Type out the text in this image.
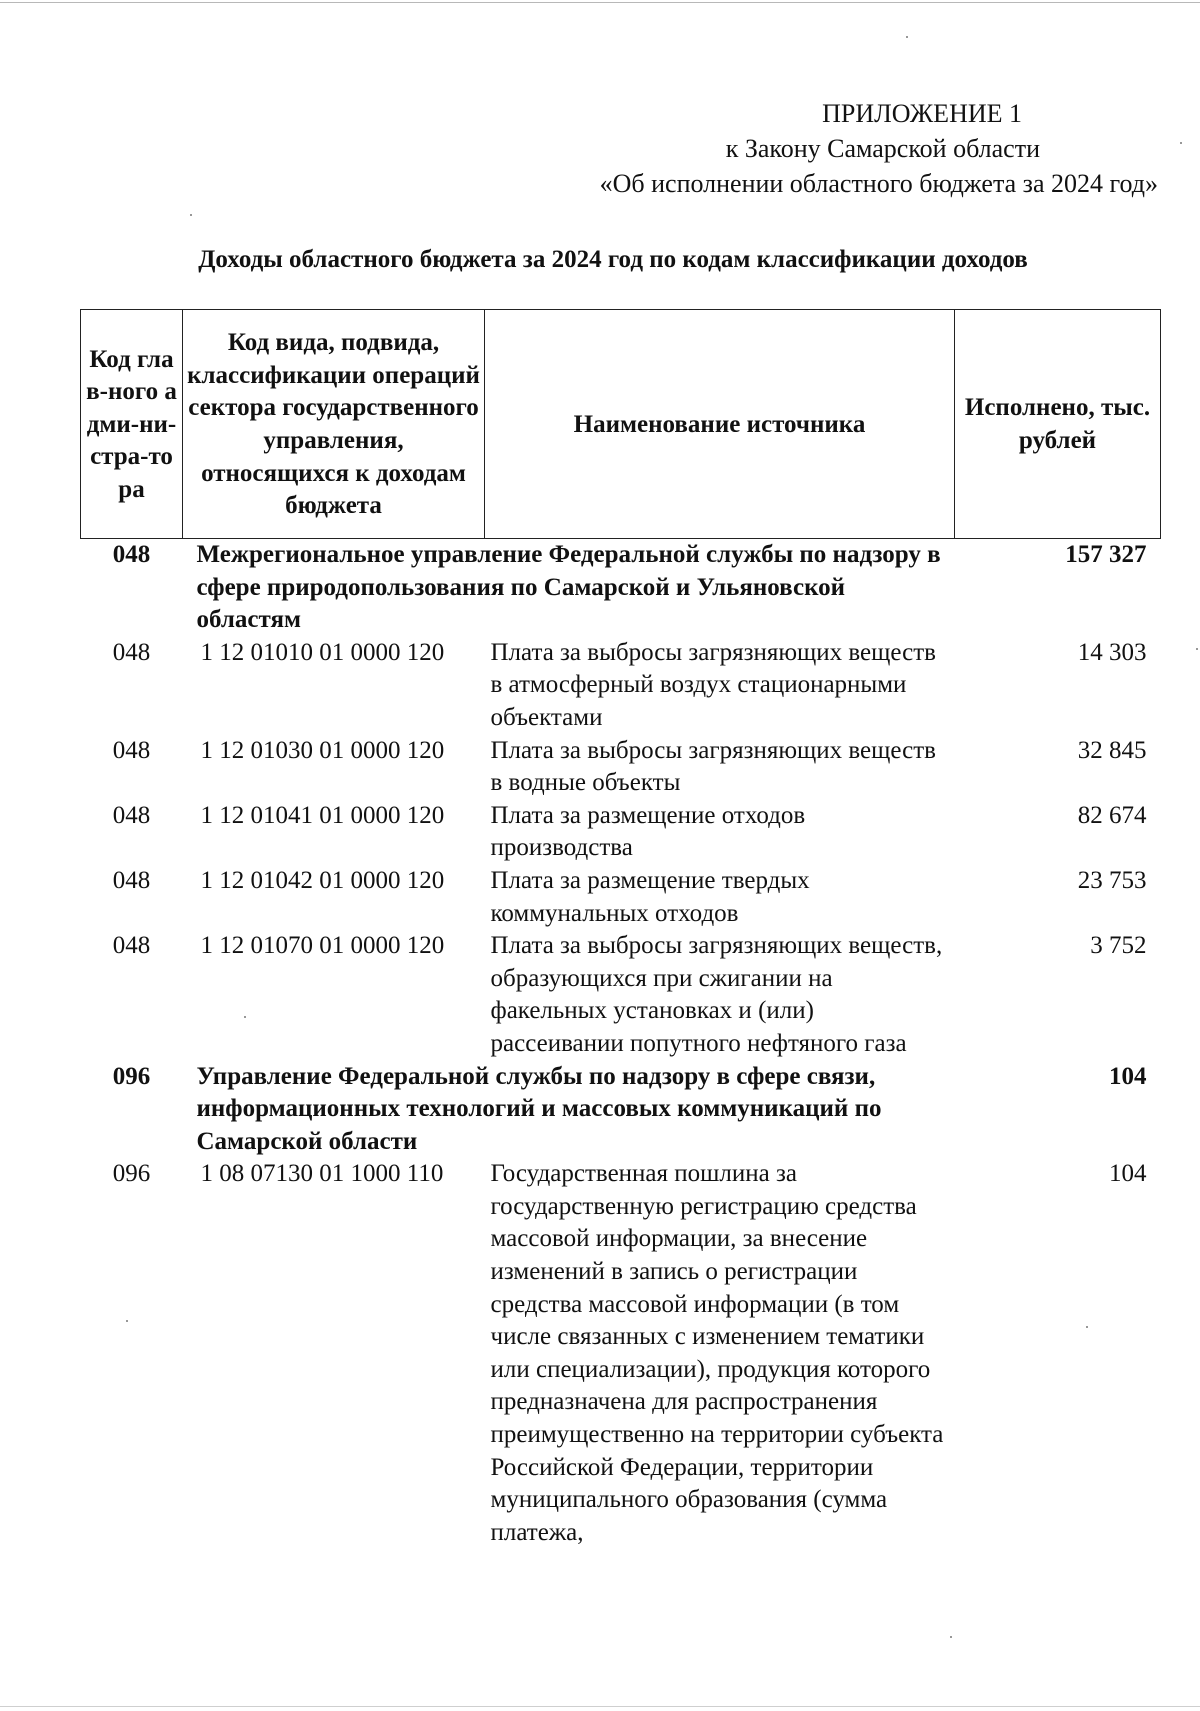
ПРИЛОЖЕНИЕ 1
к Закону Самарской области
«Об исполнении областного бюджета за 2024 год»
Доходы областного бюджета за 2024 год по кодам классификации доходов
Код глав-ного адми-ни-стра-тора	Код вида, подвида, классификации операций сектора государственного управления, относящихся к доходам бюджета	Наименование источника	Исполнено, тыс. рублей
048	Межрегиональное управление Федеральной службы по надзору в сфере природопользования по Самарской и Ульяновской областям		157 327
048	1 12 01010 01 0000 120	Плата за выбросы загрязняющих веществ в атмосферный воздух стационарными объектами	14 303
048	1 12 01030 01 0000 120	Плата за выбросы загрязняющих веществ в водные объекты	32 845
048	1 12 01041 01 0000 120	Плата за размещение отходов производства	82 674
048	1 12 01042 01 0000 120	Плата за размещение твердых коммунальных отходов	23 753
048	1 12 01070 01 0000 120	Плата за выбросы загрязняющих веществ, образующихся при сжигании на факельных установках и (или) рассеивании попутного нефтяного газа	3 752
096	Управление Федеральной службы по надзору в сфере связи, информационных технологий и массовых коммуникаций по Самарской области		104
096	1 08 07130 01 1000 110	Государственная пошлина за государственную регистрацию средства массовой информации, за внесение изменений в запись о регистрации средства массовой информации (в том числе связанных с изменением тематики или специализации), продукция которого предназначена для распространения преимущественно на территории субъекта Российской Федерации, территории муниципального образования (сумма платежа,	104
